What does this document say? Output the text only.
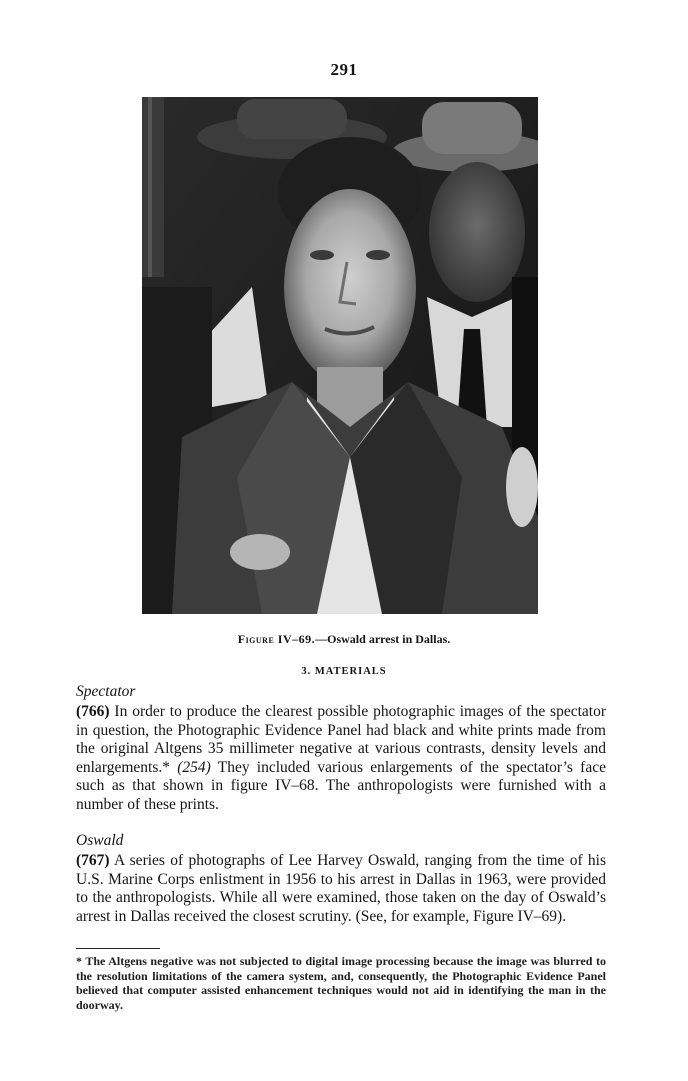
291
Figure IV–69.—Oswald arrest in Dallas.
3. MATERIALS
Spectator
(766) In order to produce the clearest possible photographic images of the spectator in question, the Photographic Evidence Panel had black and white prints made from the original Altgens 35 millimeter negative at various contrasts, density levels and enlargements.* (254) They included various enlargements of the spectator’s face such as that shown in figure IV–68. The anthropologists were furnished with a number of these prints.
Oswald
(767) A series of photographs of Lee Harvey Oswald, ranging from the time of his U.S. Marine Corps enlistment in 1956 to his arrest in Dallas in 1963, were provided to the anthropologists. While all were examined, those taken on the day of Oswald’s arrest in Dallas received the closest scrutiny. (See, for example, Figure IV–69).
* The Altgens negative was not subjected to digital image processing because the image was blurred to the resolution limitations of the camera system, and, consequently, the Photographic Evidence Panel believed that computer assisted enhancement techniques would not aid in identifying the man in the doorway.
